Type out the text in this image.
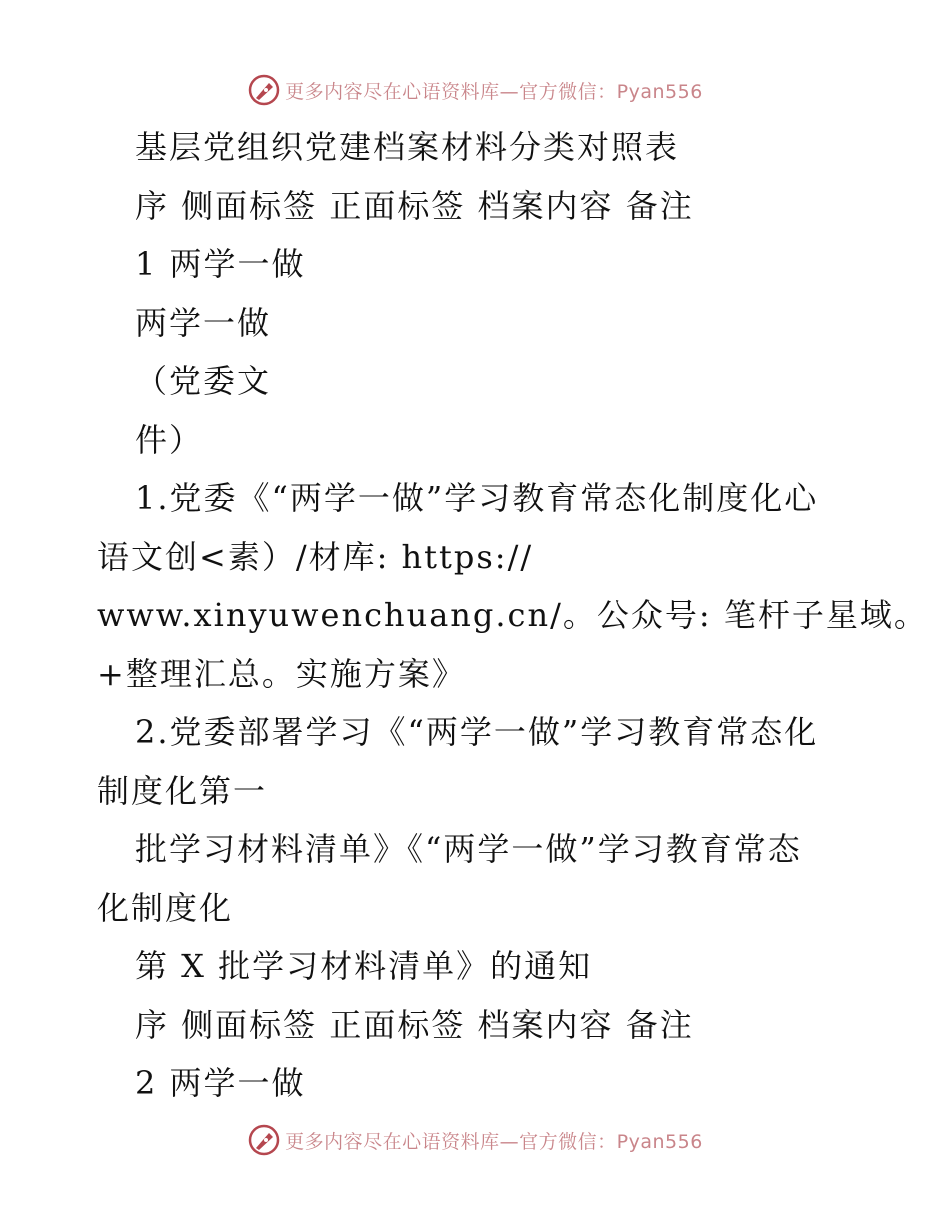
更多内容尽在心语资料库—官方微信：Pyan556

基层党组织党建档案材料分类对照表

序 侧面标签 正面标签 档案内容 备注

1 两学一做

两学一做

（党委文

件）

1.党委《“两学一做”学习教育常态化制度化心

语文创<素）/材库: https://

www.xinyuwenchuang.cn/。公众号: 笔杆子星域。

+整理汇总。实施方案》

2.党委部署学习《“两学一做”学习教育常态化

制度化第一

批学习材料清单》《“两学一做”学习教育常态

化制度化

第 X 批学习材料清单》的通知

序 侧面标签 正面标签 档案内容 备注

2 两学一做

更多内容尽在心语资料库—官方微信：Pyan556
